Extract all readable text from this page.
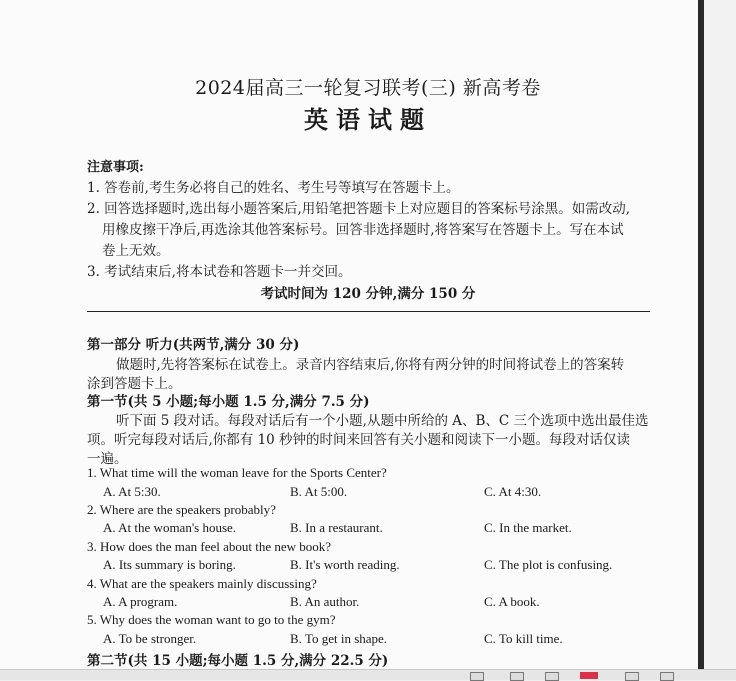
2024届高三一轮复习联考(三) 新高考卷
英语试题
注意事项:
1. 答卷前,考生务必将自己的姓名、考生号等填写在答题卡上。
2. 回答选择题时,选出每小题答案后,用铅笔把答题卡上对应题目的答案标号涂黑。如需改动,
用橡皮擦干净后,再选涂其他答案标号。回答非选择题时,将答案写在答题卡上。写在本试
卷上无效。
3. 考试结束后,将本试卷和答题卡一并交回。
考试时间为 120 分钟,满分 150 分
第一部分 听力(共两节,满分 30 分)
做题时,先将答案标在试卷上。录音内容结束后,你将有两分钟的时间将试卷上的答案转
涂到答题卡上。
第一节(共 5 小题;每小题 1.5 分,满分 7.5 分)
听下面 5 段对话。每段对话后有一个小题,从题中所给的 A、B、C 三个选项中选出最佳选
项。听完每段对话后,你都有 10 秒钟的时间来回答有关小题和阅读下一小题。每段对话仅读
一遍。
1. What time will the woman leave for the Sports Center?
A. At 5:30.	B. At 5:00.	C. At 4:30.
2. Where are the speakers probably?
A. At the woman's house.	B. In a restaurant.	C. In the market.
3. How does the man feel about the new book?
A. Its summary is boring.	B. It's worth reading.	C. The plot is confusing.
4. What are the speakers mainly discussing?
A. A program.	B. An author.	C. A book.
5. Why does the woman want to go to the gym?
A. To be stronger.	B. To get in shape.	C. To kill time.
第二节(共 15 小题;每小题 1.5 分,满分 22.5 分)
